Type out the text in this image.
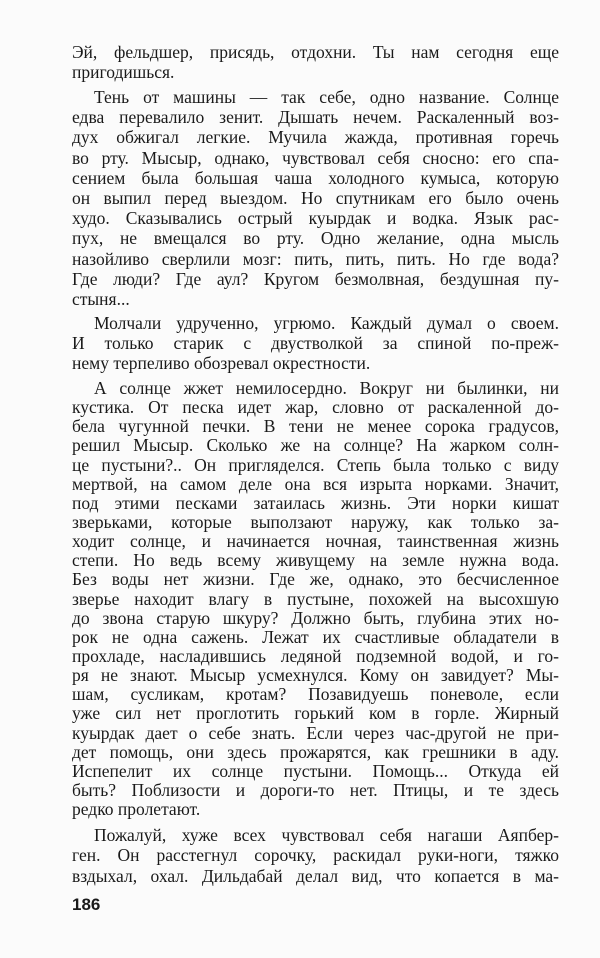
Эй, фельдшер, присядь, отдохни. Ты нам сегодня еще
пригодишься.
Тень от машины — так себе, одно название. Солнце
едва перевалило зенит. Дышать нечем. Раскаленный воз-
дух обжигал легкие. Мучила жажда, противная горечь
во рту. Мысыр, однако, чувствовал себя сносно: его спа-
сением была большая чаша холодного кумыса, которую
он выпил перед выездом. Но спутникам его было очень
худо. Сказывались острый куырдак и водка. Язык рас-
пух, не вмещался во рту. Одно желание, одна мысль
назойливо сверлили мозг: пить, пить, пить. Но где вода?
Где люди? Где аул? Кругом безмолвная, бездушная пу-
стыня...
Молчали удрученно, угрюмо. Каждый думал о своем.
И только старик с двустволкой за спиной по-преж-
нему терпеливо обозревал окрестности.
А солнце жжет немилосердно. Вокруг ни былинки, ни
кустика. От песка идет жар, словно от раскаленной до-
бела чугунной печки. В тени не менее сорока градусов,
решил Мысыр. Сколько же на солнце? На жарком солн-
це пустыни?.. Он пригляделся. Степь была только с виду
мертвой, на самом деле она вся изрыта норками. Значит,
под этими песками затаилась жизнь. Эти норки кишат
зверьками, которые выползают наружу, как только за-
ходит солнце, и начинается ночная, таинственная жизнь
степи. Но ведь всему живущему на земле нужна вода.
Без воды нет жизни. Где же, однако, это бесчисленное
зверье находит влагу в пустыне, похожей на высохшую
до звона старую шкуру? Должно быть, глубина этих но-
рок не одна сажень. Лежат их счастливые обладатели в
прохладе, насладившись ледяной подземной водой, и го-
ря не знают. Мысыр усмехнулся. Кому он завидует? Мы-
шам, сусликам, кротам? Позавидуешь поневоле, если
уже сил нет проглотить горький ком в горле. Жирный
куырдак дает о себе знать. Если через час-другой не при-
дет помощь, они здесь прожарятся, как грешники в аду.
Испепелит их солнце пустыни. Помощь... Откуда ей
быть? Поблизости и дороги-то нет. Птицы, и те здесь
редко пролетают.
Пожалуй, хуже всех чувствовал себя нагаши Аяпбер-
ген. Он расстегнул сорочку, раскидал руки-ноги, тяжко
вздыхал, охал. Дильдабай делал вид, что копается в ма-
186
